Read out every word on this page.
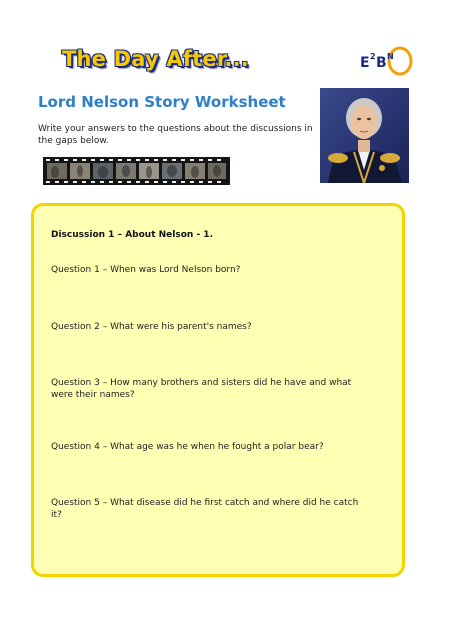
The Day After...	E 2 B N
Lord Nelson Story Worksheet
Write your answers to the questions about the discussions in the gaps below.
Discussion 1 – About Nelson - 1.
Question 1 – When was Lord Nelson born?
Question 2 – What were his parent's names?
Question 3 – How many brothers and sisters did he have and what were their names?
Question 4 – What age was he when he fought a polar bear?
Question 5 – What disease did he first catch and where did he catch it?
